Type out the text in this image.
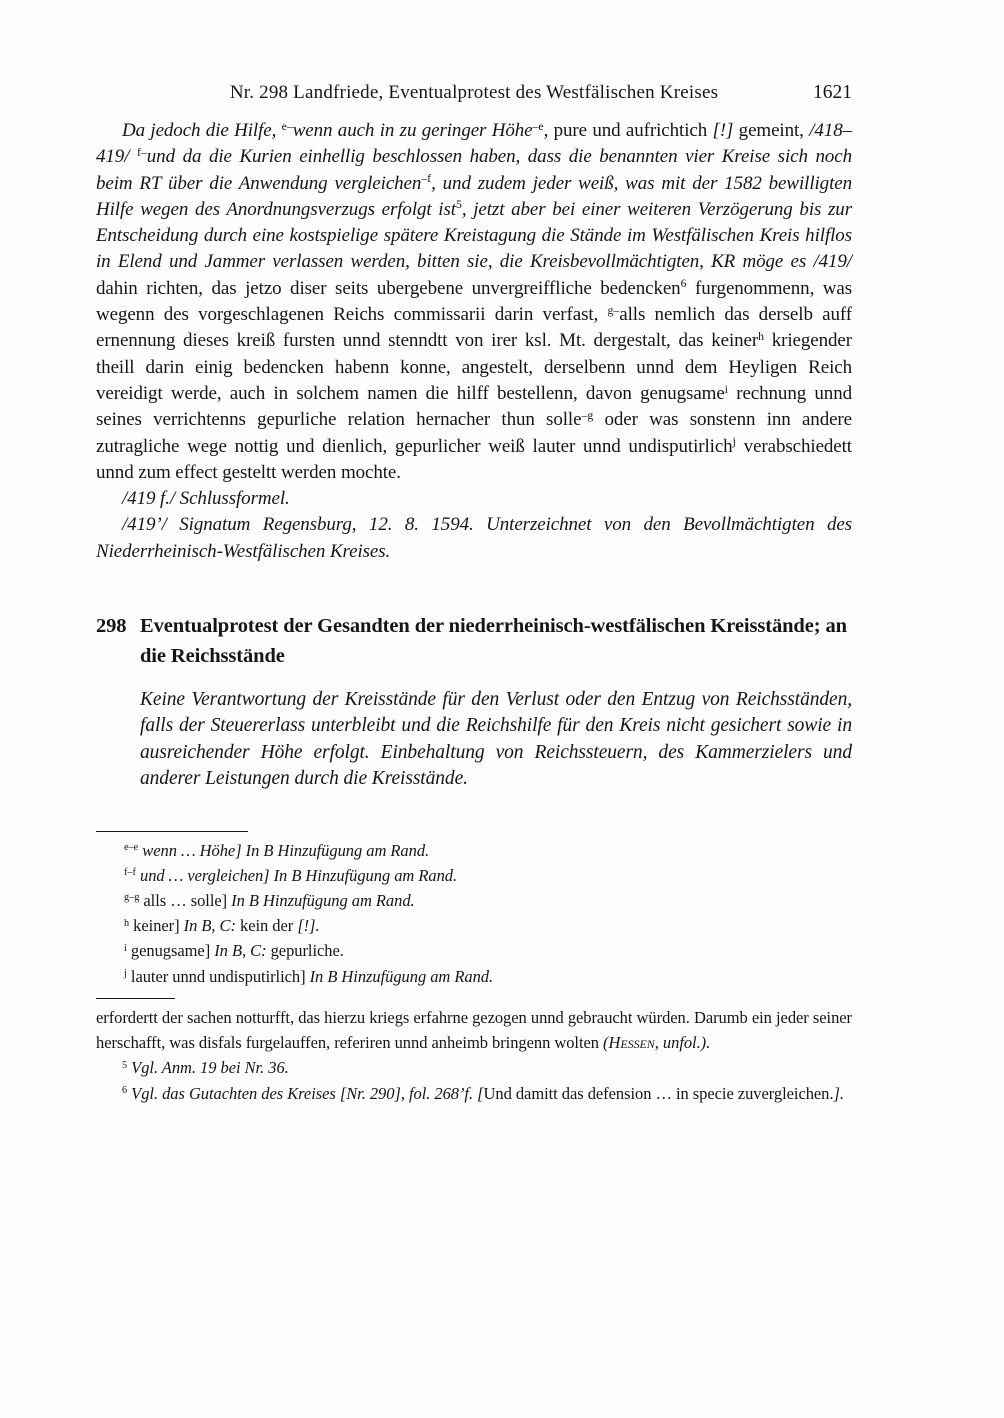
Nr. 298 Landfriede, Eventualprotest des Westfälischen Kreises	1621

Da jedoch die Hilfe, $^{e-}$wenn auch in zu geringer Höhe$^{-e}$, pure und aufrichtich [!] gemeint, /418–419/ $^{f-}$und da die Kurien einhellig beschlossen haben, dass die benannten vier Kreise sich noch beim RT über die Anwendung vergleichen$^{-f}$, und zudem jeder weiß, was mit der 1582 bewilligten Hilfe wegen des Anordnungsverzugs erfolgt ist$^5$, jetzt aber bei einer weiteren Verzögerung bis zur Entscheidung durch eine kostspielige spätere Kreistagung die Stände im Westfälischen Kreis hilflos in Elend und Jammer verlassen werden, bitten sie, die Kreisbevollmächtigten, KR möge es /419/ dahin richten, das jetzo diser seits ubergebene unvergreiffliche bedencken$^6$ furgenommenn, was wegenn des vorgeschlagenen Reichs commissarii darin verfast, $^{g-}$alls nemlich das derselb auff ernennung dieses kreiß fursten unnd stenndtt von irer ksl. Mt. dergestalt, das keiner$^h$ kriegender theill darin einig bedencken habenn konne, angestelt, derselbenn unnd dem Heyligen Reich vereidigt werde, auch in solchem namen die hilff bestellenn, davon genugsame$^i$ rechnung unnd seines verrichtenns gepurliche relation hernacher thun solle$^{-g}$ oder was sonstenn inn andere zutragliche wege nottig und dienlich, gepurlicher weiß lauter unnd undisputirlich$^j$ verabschiedett unnd zum effect gesteltt werden mochte.

/419 f./ Schlussformel.

/419’/ Signatum Regensburg, 12. 8. 1594. Unterzeichnet von den Bevollmächtigten des Niederrheinisch-Westfälischen Kreises.

298 Eventualprotest der Gesandten der niederrheinisch-westfälischen Kreisstände; an die Reichsstände

Keine Verantwortung der Kreisstände für den Verlust oder den Entzug von Reichsständen, falls der Steuererlass unterbleibt und die Reichshilfe für den Kreis nicht gesichert sowie in ausreichender Höhe erfolgt. Einbehaltung von Reichssteuern, des Kammerzielers und anderer Leistungen durch die Kreisstände.

$^{e-e}$ wenn … Höhe] In B Hinzufügung am Rand.

$^{f-f}$ und … vergleichen] In B Hinzufügung am Rand.

$^{g-g}$ alls … solle] In B Hinzufügung am Rand.

$^h$ keiner] In B, C: kein der [!].

$^i$ genugsame] In B, C: gepurliche.

$^j$ lauter unnd undisputirlich] In B Hinzufügung am Rand.

erfordertt der sachen notturfft, das hierzu kriegs erfahrne gezogen unnd gebraucht würden. Darumb ein jeder seiner herschafft, was disfals furgelauffen, referiren unnd anheimb bringenn wolten (Hessen, unfol.).

$^5$ Vgl. Anm. 19 bei Nr. 36.

$^6$ Vgl. das Gutachten des Kreises [Nr. 290], fol. 268’f. [Und damitt das defension … in specie zuvergleichen.].
